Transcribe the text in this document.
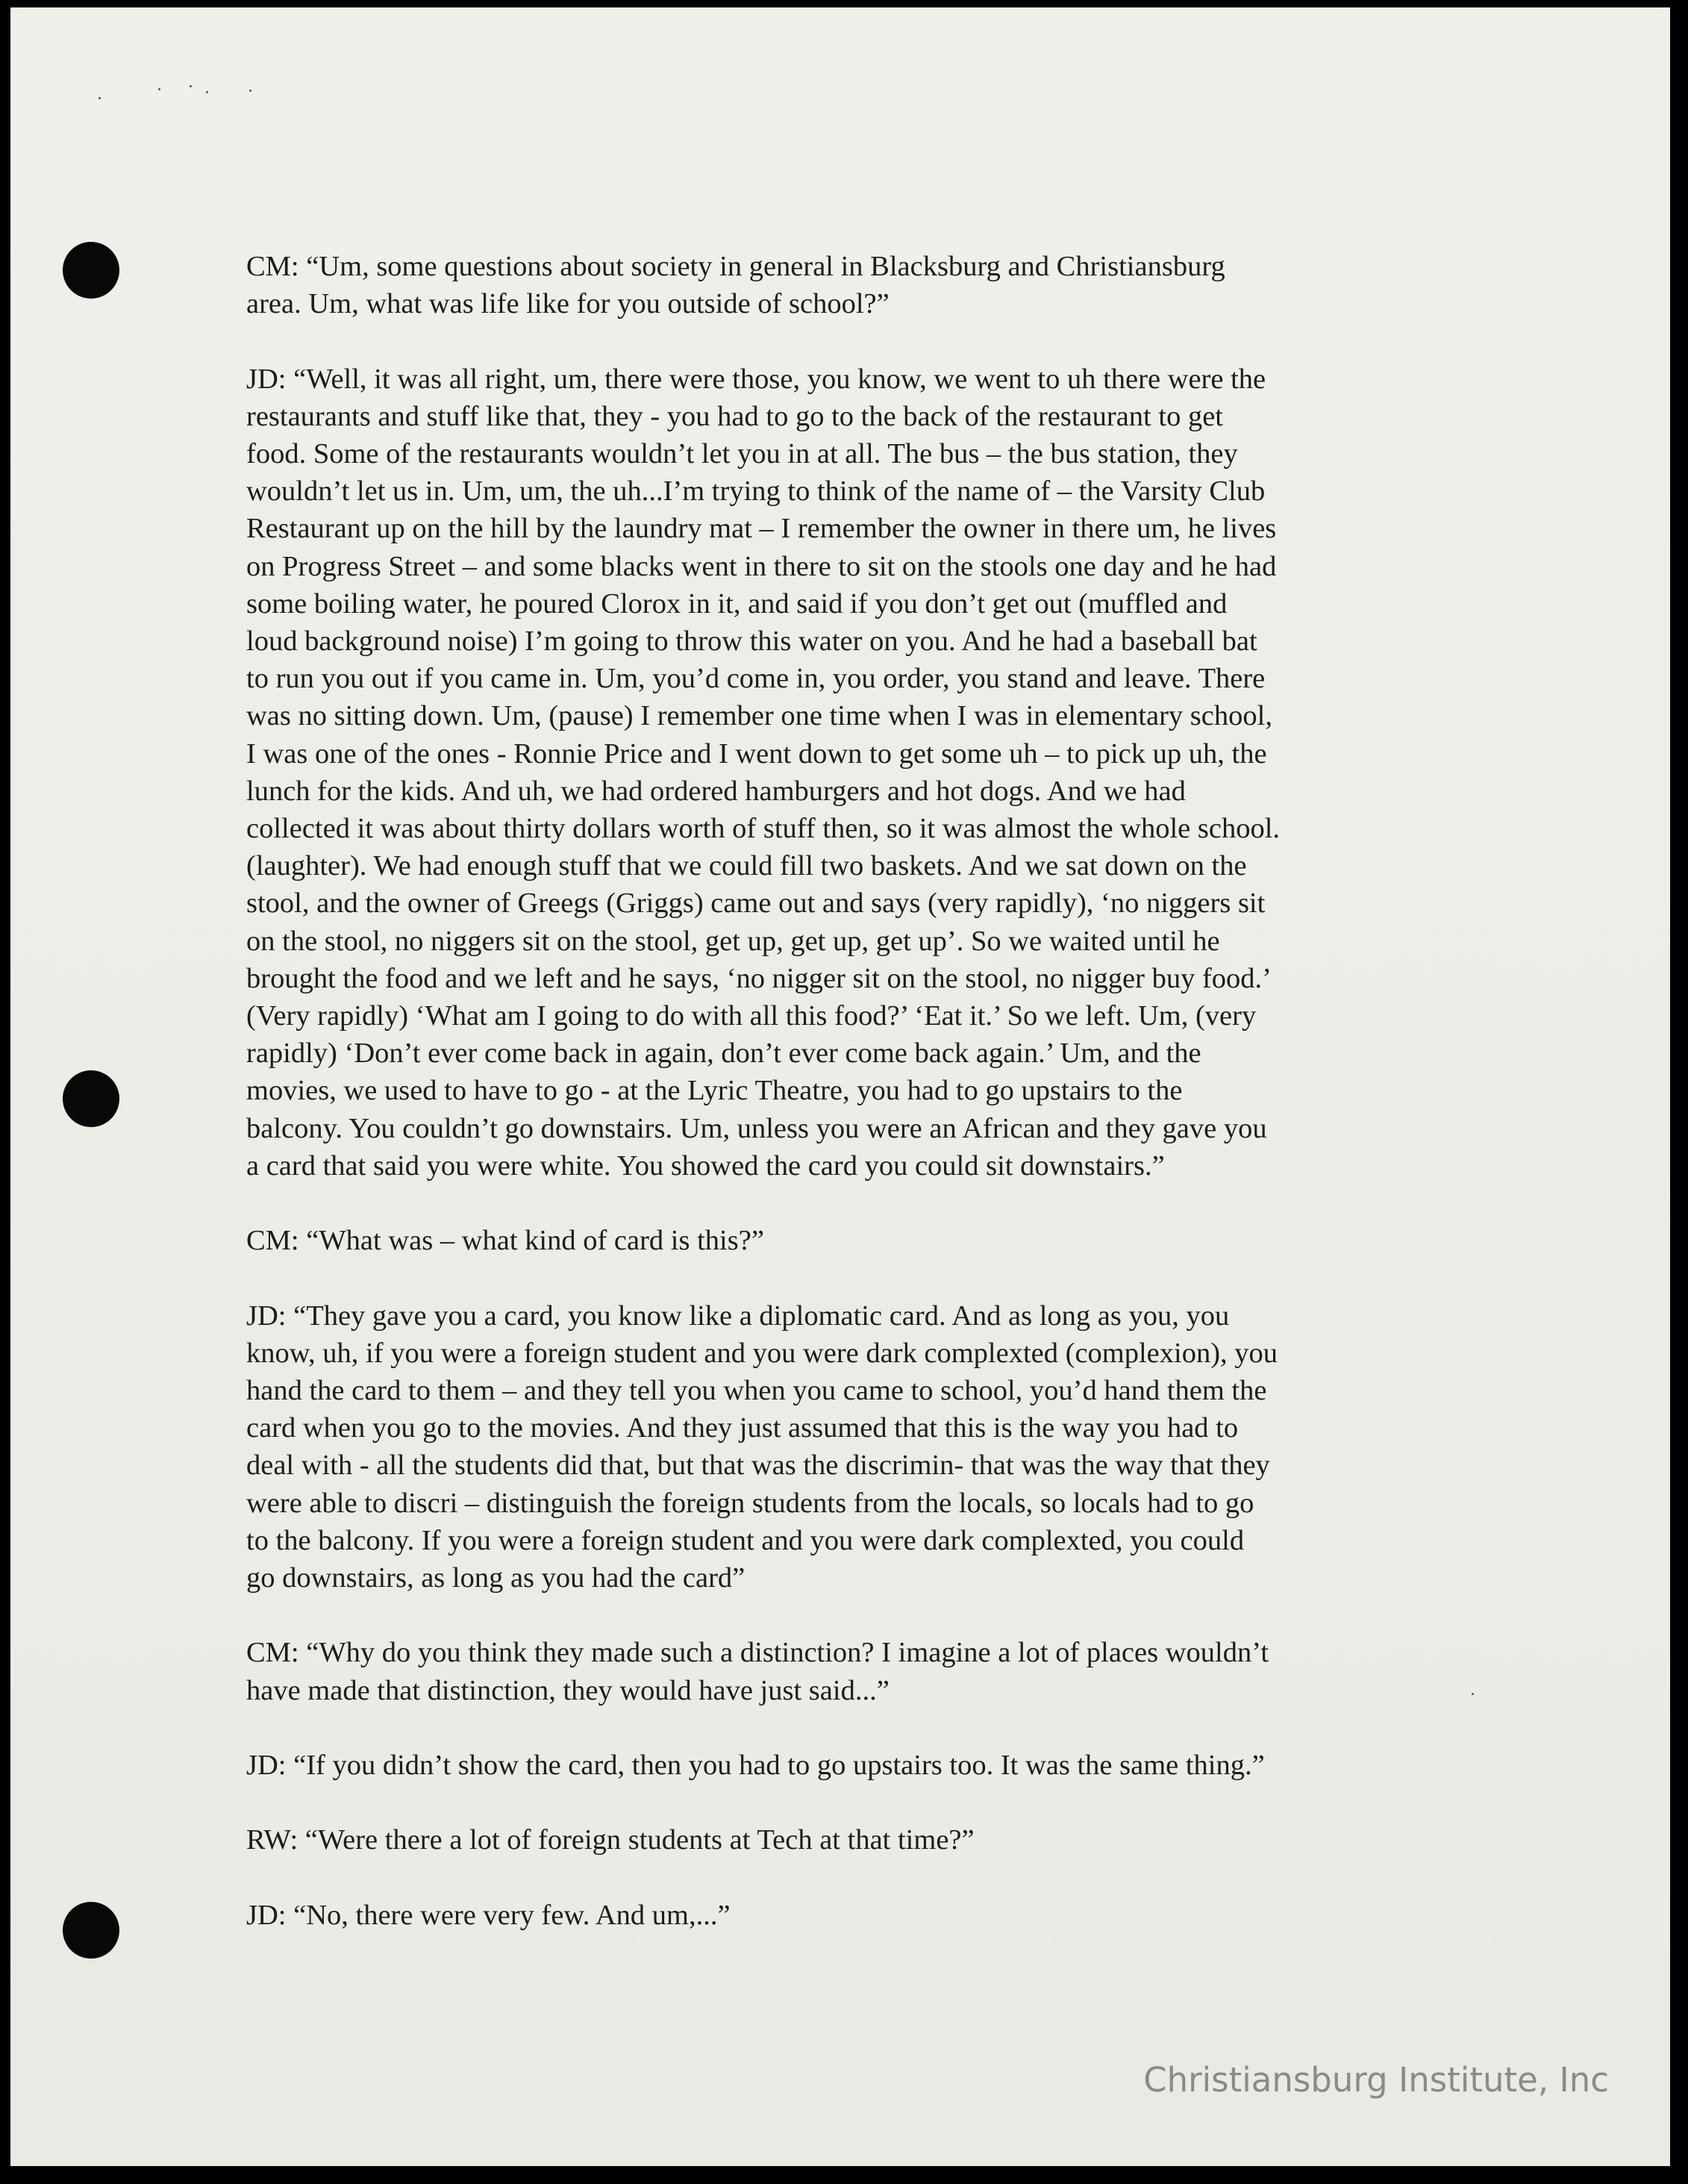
CM: “Um, some questions about society in general in Blacksburg and Christiansburg
area. Um, what was life like for you outside of school?”
JD: “Well, it was all right, um, there were those, you know, we went to uh there were the
restaurants and stuff like that, they - you had to go to the back of the restaurant to get
food. Some of the restaurants wouldn’t let you in at all. The bus – the bus station, they
wouldn’t let us in. Um, um, the uh...I’m trying to think of the name of – the Varsity Club
Restaurant up on the hill by the laundry mat – I remember the owner in there um, he lives
on Progress Street – and some blacks went in there to sit on the stools one day and he had
some boiling water, he poured Clorox in it, and said if you don’t get out (muffled and
loud background noise) I’m going to throw this water on you. And he had a baseball bat
to run you out if you came in. Um, you’d come in, you order, you stand and leave. There
was no sitting down. Um, (pause) I remember one time when I was in elementary school,
I was one of the ones - Ronnie Price and I went down to get some uh – to pick up uh, the
lunch for the kids. And uh, we had ordered hamburgers and hot dogs. And we had
collected it was about thirty dollars worth of stuff then, so it was almost the whole school.
(laughter). We had enough stuff that we could fill two baskets. And we sat down on the
stool, and the owner of Greegs (Griggs) came out and says (very rapidly), ‘no niggers sit
on the stool, no niggers sit on the stool, get up, get up, get up’. So we waited until he
brought the food and we left and he says, ‘no nigger sit on the stool, no nigger buy food.’
(Very rapidly) ‘What am I going to do with all this food?’ ‘Eat it.’ So we left. Um, (very
rapidly) ‘Don’t ever come back in again, don’t ever come back again.’ Um, and the
movies, we used to have to go - at the Lyric Theatre, you had to go upstairs to the
balcony. You couldn’t go downstairs. Um, unless you were an African and they gave you
a card that said you were white. You showed the card you could sit downstairs.”
CM: “What was – what kind of card is this?”
JD: “They gave you a card, you know like a diplomatic card. And as long as you, you
know, uh, if you were a foreign student and you were dark complexted (complexion), you
hand the card to them – and they tell you when you came to school, you’d hand them the
card when you go to the movies. And they just assumed that this is the way you had to
deal with - all the students did that, but that was the discrimin- that was the way that they
were able to discri – distinguish the foreign students from the locals, so locals had to go
to the balcony. If you were a foreign student and you were dark complexted, you could
go downstairs, as long as you had the card”
CM: “Why do you think they made such a distinction? I imagine a lot of places wouldn’t
have made that distinction, they would have just said...”
JD: “If you didn’t show the card, then you had to go upstairs too. It was the same thing.”
RW: “Were there a lot of foreign students at Tech at that time?”
JD: “No, there were very few. And um,...”
Christiansburg Institute, Inc
